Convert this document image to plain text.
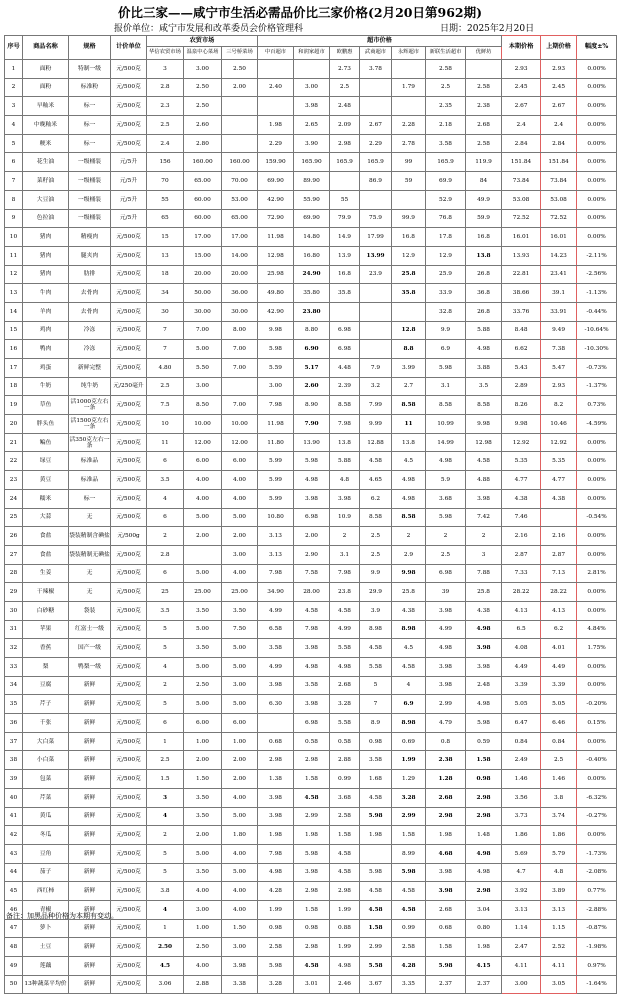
价比三家——咸宁市生活必需品价比三家价格(2月20日第962期)
报价单位：咸宁市发展和改革委员会价格管理科	日期：2025年2月20日
序号	商品名称	规格	计价单位	农贸市场			超市价格							本期价格	上期价格	幅度±%
				华信农贸市场	温泉中心菜场	三号桥菜场	中百超市	和润家超市	欧鹏惠	武商超市	永辉超市	新联生活超市	优鲜坊			
1	面粉	特制一级	元/500克	3	3.00	2.50			2.73	3.78		2.58		2.93	2.93	0.00%
2	面粉	标准粉	元/500克	2.8	2.50	2.00	2.40	3.00	2.5		1.79	2.5	2.58	2.45	2.45	0.00%
3	早籼米	标一	元/500克	2.3	2.50			3.98	2.48			2.35	2.38	2.67	2.67	0.00%
4	中晚籼米	标一	元/500克	2.5	2.60		1.98	2.65	2.09	2.67	2.28	2.18	2.68	2.4	2.4	0.00%
5	粳米	标一	元/500克	2.4	2.80		2.29	3.90	2.98	2.29	2.78	3.58	2.58	2.84	2.84	0.00%
6	花生油	一级桶装	元/5升	156	160.00	160.00	159.90	165.90	165.9	165.9	99	165.9	119.9	151.84	151.84	0.00%
7	菜籽油	一级桶装	元/5升	70	65.00	70.00	69.90	89.90		86.9	59	69.9	84	73.84	73.84	0.00%
8	大豆油	一级桶装	元/5升	55	60.00	53.00	42.90	55.90	55			52.9	49.9	53.08	53.08	0.00%
9	色拉油	一级桶装	元/5升	65	60.00	65.00	72.90	69.90	79.9	75.9	99.9	76.8	59.9	72.52	72.52	0.00%
10	猪肉	精瘦肉	元/500克	15	17.00	17.00	11.98	14.80	14.9	17.99	16.8	17.8	16.8	16.01	16.01	0.00%
11	猪肉	腿夹肉	元/500克	13	15.00	14.00	12.98	16.80	13.9	13.99	12.9	12.9	13.8	13.93	14.23	-2.11%
12	猪肉	肋排	元/500克	18	20.00	20.00	25.98	24.90	16.8	23.9	25.8	25.9	26.8	22.81	23.41	-2.56%
13	牛肉	去骨肉	元/500克	34	50.00	36.00	49.80	35.80	35.8		35.8	33.9	36.8	38.66	39.1	-1.13%
14	羊肉	去骨肉	元/500克	30	30.00	30.00	42.90	23.80				32.8	26.8	33.76	33.91	-0.44%
15	鸡肉	冷冻	元/500克	7	7.00	8.00	9.98	8.80	6.98		12.8	9.9	5.88	8.48	9.49	-10.64%
16	鸭肉	冷冻	元/500克	7	5.00	7.00	5.98	6.90	6.98		8.8	6.9	4.98	6.62	7.38	-10.30%
17	鸡蛋	新鲜完整	元/500克	4.80	5.50	7.00	5.59	5.17	4.48	7.9	3.99	5.98	3.88	5.43	5.47	-0.73%
18	牛奶	纯牛奶	元/250毫升	2.5	3.00		3.00	2.60	2.39	3.2	2.7	3.1	3.5	2.89	2.93	-1.37%
19	草鱼	活1000克左右一条	元/500克	7.5	8.50	7.00	7.98	8.90	8.58	7.99	8.58	8.58	8.58	8.26	8.2	0.73%
20	胖头鱼	活1500克左右一条	元/500克	10	10.00	10.00	11.98	7.90	7.98	9.99	11	10.99	9.98	9.98	10.46	-4.59%
21	鳊鱼	活350克左右一条	元/500克	11	12.00	12.00	11.80	13.90	13.8	12.88	13.8	14.99	12.98	12.92	12.92	0.00%
22	绿豆	标准品	元/500克	6	6.00	6.00	5.99	5.98	5.88	4.58	4.5	4.98	4.58	5.35	5.35	0.00%
23	黄豆	标准品	元/500克	3.5	4.00	4.00	5.99	4.98	4.8	4.65	4.98	5.9	4.88	4.77	4.77	0.00%
24	糯米	标一	元/500克	4	4.00	4.00	5.99	3.98	3.98	6.2	4.98	3.68	3.98	4.38	4.38	0.00%
25	大蒜	无	元/500克	6	5.00	5.00	10.80	6.98	10.9	8.58	8.58	5.98	7.42	7.46		-0.54%
26	食盐	袋装精制含碘盐	元/500g	2	2.00	2.00	3.13	2.00	2	2.5	2	2	2	2.16	2.16	0.00%
27	食盐	袋装精制无碘盐	元/500克	2.8		3.00	3.13	2.90	3.1	2.5	2.9	2.5	3	2.87	2.87	0.00%
28	生姜	无	元/500克	6	5.00	4.00	7.98	7.58	7.98	9.9	9.98	6.98	7.88	7.33	7.13	2.81%
29	干辣椒	无	元/500克	25	25.00	25.00	34.90	28.00	23.8	29.9	25.8	39	25.8	28.22	28.22	0.00%
30	白砂糖	袋装	元/500克	3.5	3.50	3.50	4.99	4.58	4.58	3.9	4.38	3.98	4.38	4.13	4.13	0.00%
31	苹果	红富士一级	元/500克	5	5.00	7.50	6.58	7.98	4.99	8.98	8.98	4.99	4.98	6.5	6.2	4.84%
32	香蕉	国产一级	元/500克	5	3.50	5.00	3.58	3.98	5.58	4.58	4.5	4.98	3.98	4.08	4.01	1.75%
33	梨	鸭梨一级	元/500克	4	5.00	5.00	4.99	4.98	4.98	5.58	4.58	3.98	3.98	4.49	4.49	0.00%
34	豆腐	新鲜	元/500克	2	2.50	3.00	3.98	3.58	2.68	5	4	3.98	2.48	3.39	3.39	0.00%
35	芹子	新鲜	元/500克	5	5.00	5.00	6.30	3.98	3.28	7	6.9	2.99	4.98	5.05	5.05	-0.20%
36	千张	新鲜	元/500克	6	6.00	6.00		6.98	5.58	8.9	8.98	4.79	5.98	6.47	6.46	0.15%
37	大白菜	新鲜	元/500克	1	1.00	1.00	0.68	0.58	0.58	0.98	0.69	0.8	0.59	0.84	0.84	0.00%
38	小白菜	新鲜	元/500克	2.5	2.00	2.00	2.98	2.98	2.88	3.58	1.99	2.38	1.58	2.49	2.5	-0.40%
39	包菜	新鲜	元/500克	1.5	1.50	2.00	1.38	1.58	0.99	1.68	1.29	1.28	0.98	1.46	1.46	0.00%
40	芹菜	新鲜	元/500克	3	3.50	4.00	3.98	4.58	3.68	4.58	3.28	2.68	2.98	3.56	3.8	-6.32%
41	黄瓜	新鲜	元/500克	4	3.50	5.00	3.98	2.99	2.58	5.98	2.99	2.98	2.98	3.73	3.74	-0.27%
42	冬瓜	新鲜	元/500克	2	2.00	1.80	1.98	1.98	1.58	1.98	1.58	1.98	1.48	1.86	1.86	0.00%
43	豆角	新鲜	元/500克	5	5.00	4.00	7.98	5.98	4.58		8.99	4.68	4.98	5.69	5.79	-1.73%
44	茄子	新鲜	元/500克	5	3.50	5.00	4.98	3.98	4.58	5.98	5.98	3.98	4.98	4.7	4.8	-2.08%
45	西红柿	新鲜	元/500克	3.8	4.00	4.00	4.28	2.98	2.98	4.58	4.58	3.98	2.98	3.92	3.89	0.77%
46	青椒	新鲜	元/500克	4	3.00	4.00	1.99	1.58	1.99	4.58	4.58	2.68	3.04	3.13	3.13	-2.88%
47	萝卜	新鲜	元/500克	1	1.00	1.50	0.98	0.98	0.88	1.58	0.99	0.68	0.80	1.14	1.15	-0.87%
48	土豆	新鲜	元/500克	2.50	2.50	3.00	2.58	2.98	1.99	2.99	2.58	1.58	1.98	2.47	2.52	-1.98%
49	莲藕	新鲜	元/500克	4.5	4.00	3.98	5.98	4.58	4.98	5.58	4.28	5.98	4.15	4.11	4.11	0.97%
50	13种蔬菜平均价	新鲜	元/500克	3.06	2.88	3.38	3.28	3.01	2.46	3.67	3.35	2.37	2.37	3.00	3.05	-1.64%
备注：加黑品种价格为本期有变动。
